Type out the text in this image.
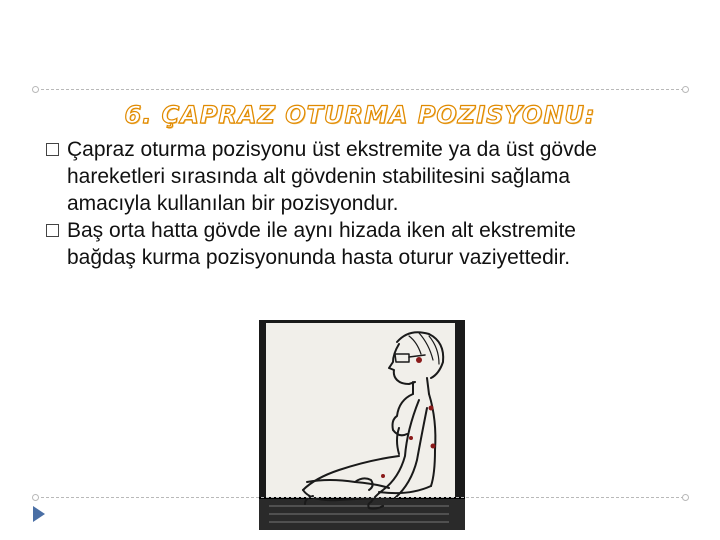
6. ÇAPRAZ OTURMA POZISYONU:
Çapraz oturma pozisyonu üst ekstremite ya da üst gövde
hareketleri sırasında alt gövdenin stabilitesini sağlama
amacıyla kullanılan bir pozisyondur.
Baş orta hatta gövde ile aynı hizada iken alt ekstremite
bağdaş kurma pozisyonunda hasta oturur vaziyettedir.
